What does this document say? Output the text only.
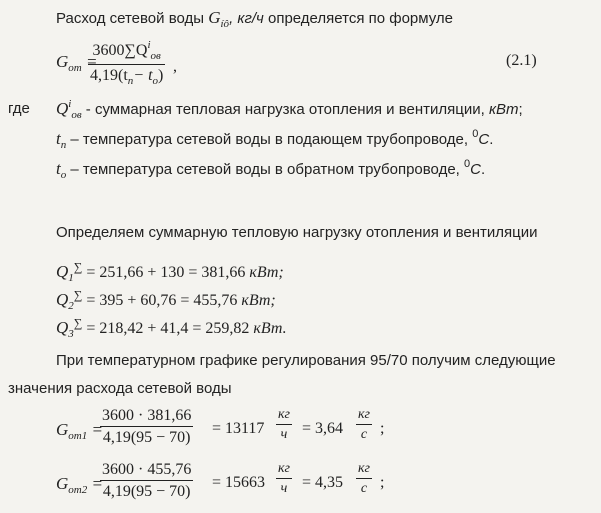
Расход сетевой воды $G_{íô}$, кг/ч определяется по формуле
$G_{от}$ =
$3600\sum Q^i_{ов}$
$4,19(t_п- t_о)$
,	(2.1)
где $Q^i_{ов}$ - суммарная тепловая нагрузка отопления и вентиляции, кВт;
$t_п$ – температура сетевой воды в подающем трубопроводе, $^0$С.
$t_о$ – температура сетевой воды в обратном трубопроводе, $^0$С.
Определяем суммарную тепловую нагрузку отопления и вентиляции
$Q_1^\sum = 251,66 + 130 = 381,66$ кВт;
$Q_2^\sum = 395 + 60,76 = 455,76$ кВт;
$Q_3^\sum = 218,42 + 41,4 = 259,82$ кВт.
При температурном графике регулирования 95/70 получим следующие
значения расхода сетевой воды
$G_{от1}$ =
$\frac{3600 \cdot 381,66}{4,19(95 - 70)} = 13117$
кг
ч = 3,64
кг
с ;
$G_{от2}$ =
$\frac{3600 \cdot 455,76}{4,19(95 - 70)} = 15663$
кг
ч = 4,35
кг
с ;
